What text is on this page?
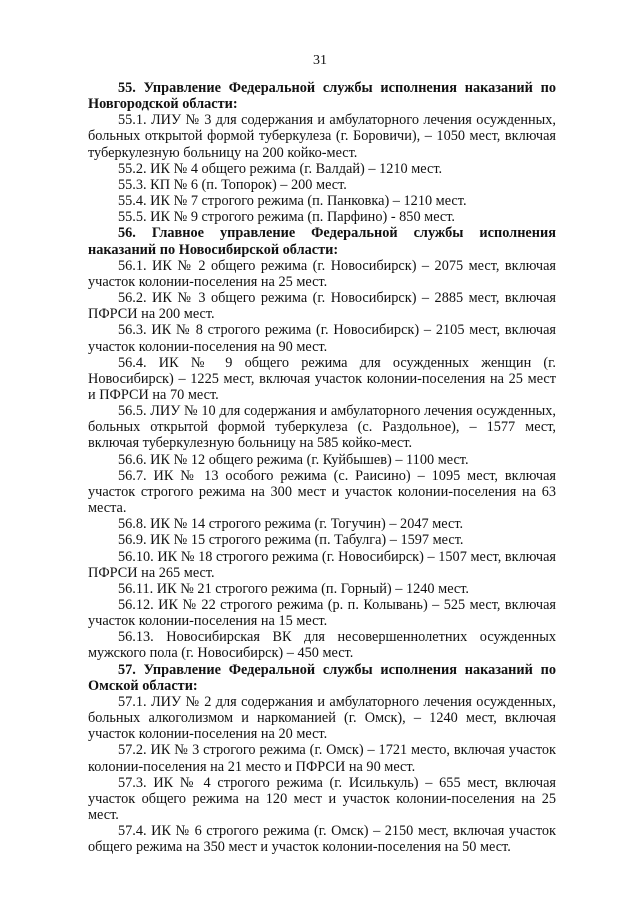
31

55. Управление Федеральной службы исполнения наказаний по Новгородской области:

55.1. ЛИУ № 3 для содержания и амбулаторного лечения осужденных, больных открытой формой туберкулеза (г. Боровичи), – 1050 мест, включая туберкулезную больницу на 200 койко-мест.

55.2. ИК № 4 общего режима (г. Валдай) – 1210 мест.

55.3. КП № 6 (п. Топорок) – 200 мест.

55.4. ИК № 7 строгого режима (п. Панковка) – 1210 мест.

55.5. ИК № 9 строгого режима (п. Парфино) - 850 мест.

56. Главное управление Федеральной службы исполнения наказаний по Новосибирской области:

56.1. ИК № 2 общего режима (г. Новосибирск) – 2075 мест, включая участок колонии-поселения на 25 мест.

56.2. ИК № 3 общего режима (г. Новосибирск) – 2885 мест, включая ПФРСИ на 200 мест.

56.3. ИК № 8 строгого режима (г. Новосибирск) – 2105 мест, включая участок колонии-поселения на 90 мест.

56.4. ИК № 9 общего режима для осужденных женщин (г. Новосибирск) – 1225 мест, включая участок колонии-поселения на 25 мест и ПФРСИ на 70 мест.

56.5. ЛИУ № 10 для содержания и амбулаторного лечения осужденных, больных открытой формой туберкулеза (с. Раздольное), – 1577 мест, включая туберкулезную больницу на 585 койко-мест.

56.6. ИК № 12 общего режима (г. Куйбышев) – 1100 мест.

56.7. ИК № 13 особого режима (с. Раисино) – 1095 мест, включая участок строгого режима на 300 мест и участок колонии-поселения на 63 места.

56.8. ИК № 14 строгого режима (г. Тогучин) – 2047 мест.

56.9. ИК № 15 строгого режима (п. Табулга) – 1597 мест.

56.10. ИК № 18 строгого режима (г. Новосибирск) – 1507 мест, включая ПФРСИ на 265 мест.

56.11. ИК № 21 строгого режима (п. Горный) – 1240 мест.

56.12. ИК № 22 строгого режима (р. п. Колывань) – 525 мест, включая участок колонии-поселения на 15 мест.

56.13. Новосибирская ВК для несовершеннолетних осужденных мужского пола (г. Новосибирск) – 450 мест.

57. Управление Федеральной службы исполнения наказаний по Омской области:

57.1. ЛИУ № 2 для содержания и амбулаторного лечения осужденных, больных алкоголизмом и наркоманией (г. Омск), – 1240 мест, включая участок колонии-поселения на 20 мест.

57.2. ИК № 3 строгого режима (г. Омск) – 1721 место, включая участок колонии-поселения на 21 место и ПФРСИ на 90 мест.

57.3. ИК № 4 строгого режима (г. Исилькуль) – 655 мест, включая участок общего режима на 120 мест и участок колонии-поселения на 25 мест.

57.4. ИК № 6 строгого режима (г. Омск) – 2150 мест, включая участок общего режима на 350 мест и участок колонии-поселения на 50 мест.
